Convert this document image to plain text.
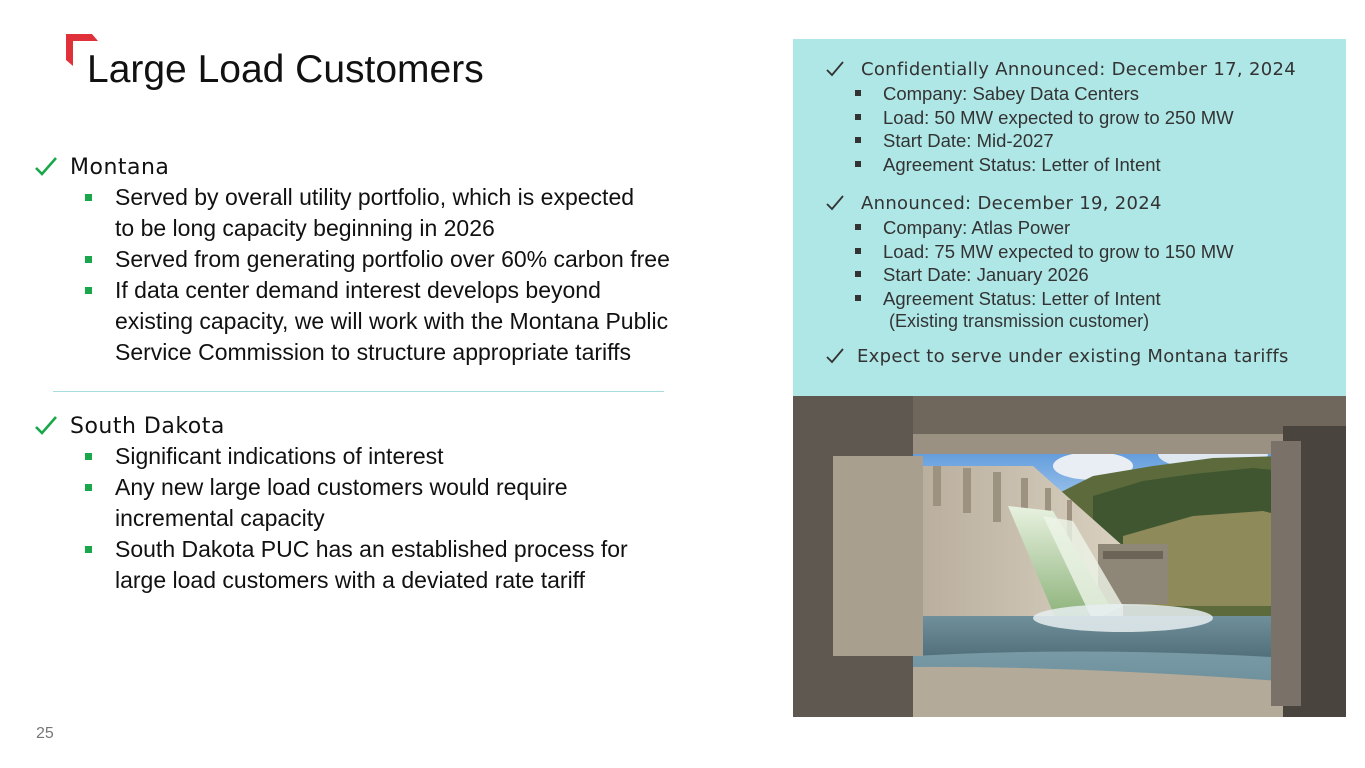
Large Load Customers
Montana
Served by overall utility portfolio, which is expected
to be long capacity beginning in 2026
Served from generating portfolio over 60% carbon free
If data center demand interest develops beyond
existing capacity, we will work with the Montana Public
Service Commission to structure appropriate tariffs
South Dakota
Significant indications of interest
Any new large load customers would require
incremental capacity
South Dakota PUC has an established process for
large load customers with a deviated rate tariff
Confidentially Announced: December 17, 2024
Company: Sabey Data Centers
Load: 50 MW expected to grow to 250 MW
Start Date: Mid-2027
Agreement Status: Letter of Intent
Announced: December 19, 2024
Company: Atlas Power
Load: 75 MW expected to grow to 150 MW
Start Date: January 2026
Agreement Status: Letter of Intent
(Existing transmission customer)
Expect to serve under existing Montana tariffs
25
